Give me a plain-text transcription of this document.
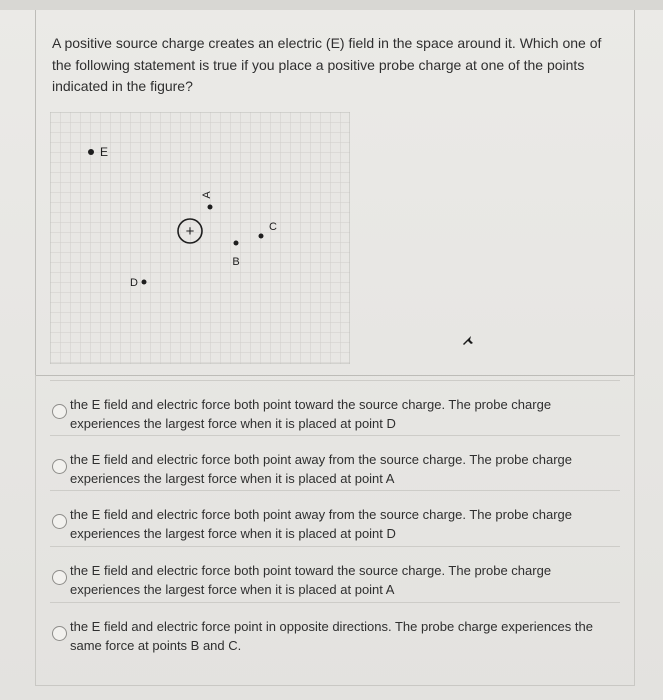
A positive source charge creates an electric (E) field in the space around it. Which one of the following statement is true if you place a positive probe charge at one of the points indicated in the figure?
E
A
+
B
C
D
the E field and electric force both point toward the source charge. The probe charge experiences the largest force when it is placed at point D
the E field and electric force both point away from the source charge. The probe charge experiences the largest force when it is placed at point A
the E field and electric force both point away from the source charge. The probe charge experiences the largest force when it is placed at point D
the E field and electric force both point toward the source charge. The probe charge experiences the largest force when it is placed at point A
the E field and electric force point in opposite directions. The probe charge experiences the same force at points B and C.
